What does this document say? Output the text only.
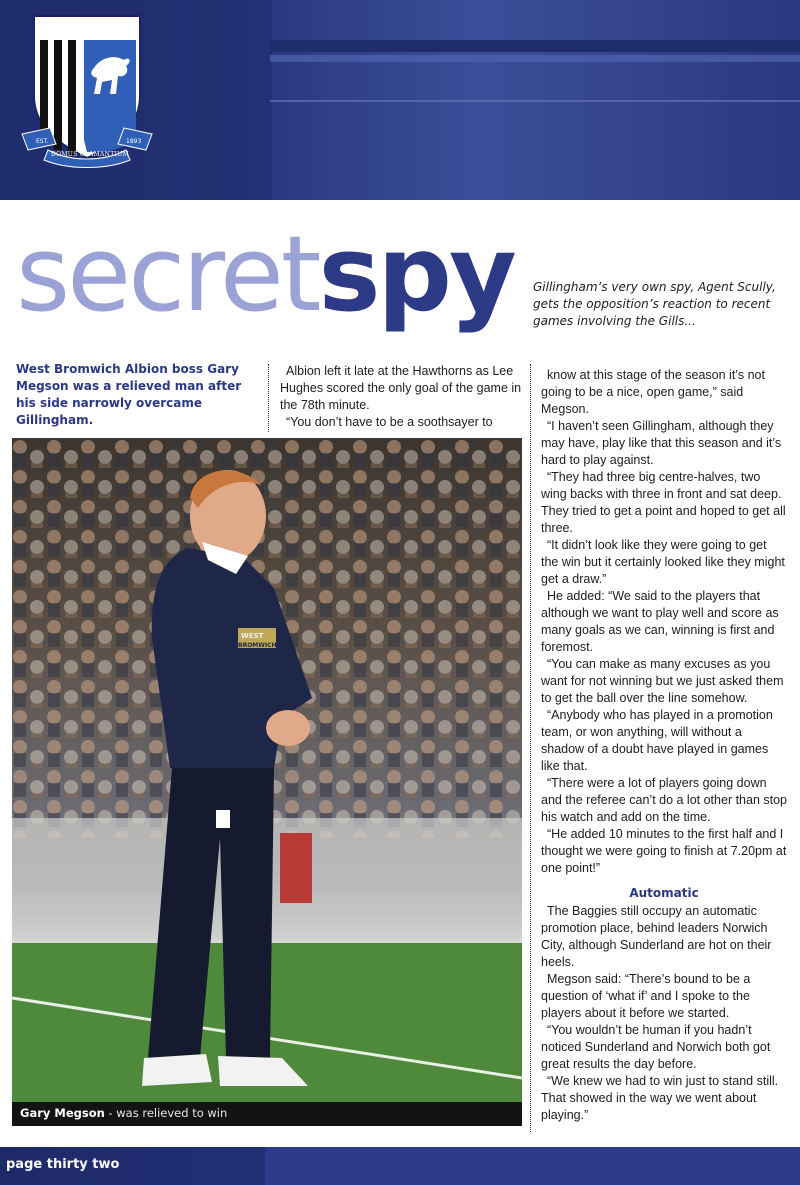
EST.	1893
GILLINGHAM
FOOTBALL CLUB
DOMUS CLAMANTIUM
secretspy Gillingham’s very own spy, Agent Scully, gets the opposition’s reaction to recent games involving the Gills...
West Bromwich Albion boss Gary Megson was a relieved man after his side narrowly overcame Gillingham.

Albion left it late at the Hawthorns as Lee Hughes scored the only goal of the game in the 78th minute.

“You don’t have to be a soothsayer to

know at this stage of the season it’s not going to be a nice, open game,” said Megson.

“I haven’t seen Gillingham, although they may have, play like that this season and it’s hard to play against.

“They had three big centre-halves, two wing backs with three in front and sat deep. They tried to get a point and hoped to get all three.

“It didn’t look like they were going to get the win but it certainly looked like they might get a draw.”

He added: “We said to the players that although we want to play well and score as many goals as we can, winning is first and foremost.

“You can make as many excuses as you want for not winning but we just asked them to get the ball over the line somehow.

“Anybody who has played in a promotion team, or won anything, will without a shadow of a doubt have played in games like that.

“There were a lot of players going down and the referee can’t do a lot other than stop his watch and add on the time.

“He added 10 minutes to the first half and I thought we were going to finish at 7.20pm at one point!”

Automatic

The Baggies still occupy an automatic promotion place, behind leaders Norwich City, although Sunderland are hot on their heels.

Megson said: “There’s bound to be a question of ‘what if’ and I spoke to the players about it before we started.

“You wouldn’t be human if you hadn’t noticed Sunderland and Norwich both got great results the day before.

“We knew we had to win just to stand still. That showed in the way we went about playing.”

WEST
BROMWICH
Gary Megson - was relieved to win
page thirty two
